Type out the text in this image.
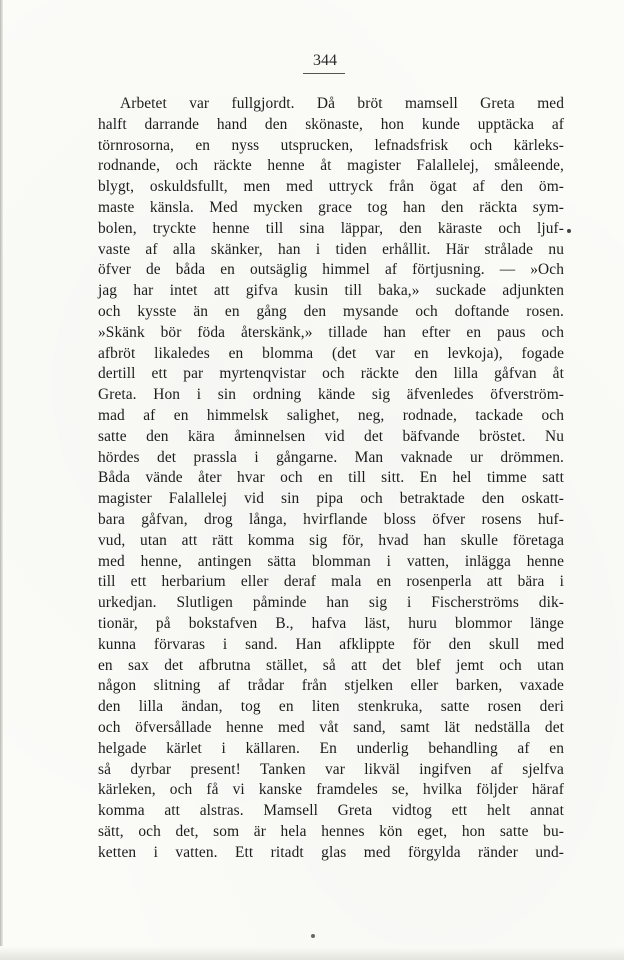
344
Arbetet var fullgjordt. Då bröt mamsell Greta med
halft darrande hand den skönaste, hon kunde upptäcka af
törnrosorna, en nyss utsprucken, lefnadsfrisk och kärleks-
rodnande, och räckte henne åt magister Falallelej, småleende,
blygt, oskuldsfullt, men med uttryck från ögat af den öm-
maste känsla. Med mycken grace tog han den räckta sym-
bolen, tryckte henne till sina läppar, den käraste och ljuf-
vaste af alla skänker, han i tiden erhållit. Här strålade nu
öfver de båda en outsäglig himmel af förtjusning. — »Och
jag har intet att gifva kusin till baka,» suckade adjunkten
och kysste än en gång den mysande och doftande rosen.
»Skänk bör föda återskänk,» tillade han efter en paus och
afbröt likaledes en blomma (det var en levkoja), fogade
dertill ett par myrtenqvistar och räckte den lilla gåfvan åt
Greta. Hon i sin ordning kände sig äfvenledes öfverström-
mad af en himmelsk salighet, neg, rodnade, tackade och
satte den kära åminnelsen vid det bäfvande bröstet. Nu
hördes det prassla i gångarne. Man vaknade ur drömmen.
Båda vände åter hvar och en till sitt. En hel timme satt
magister Falallelej vid sin pipa och betraktade den oskatt-
bara gåfvan, drog långa, hvirflande bloss öfver rosens huf-
vud, utan att rätt komma sig för, hvad han skulle företaga
med henne, antingen sätta blomman i vatten, inlägga henne
till ett herbarium eller deraf mala en rosenperla att bära i
urkedjan. Slutligen påminde han sig i Fischerströms dik-
tionär, på bokstafven B., hafva läst, huru blommor länge
kunna förvaras i sand. Han afklippte för den skull med
en sax det afbrutna stället, så att det blef jemt och utan
någon slitning af trådar från stjelken eller barken, vaxade
den lilla ändan, tog en liten stenkruka, satte rosen deri
och öfversållade henne med våt sand, samt lät nedställa det
helgade kärlet i källaren. En underlig behandling af en
så dyrbar present! Tanken var likväl ingifven af sjelfva
kärleken, och få vi kanske framdeles se, hvilka följder häraf
komma att alstras. Mamsell Greta vidtog ett helt annat
sätt, och det, som är hela hennes kön eget, hon satte bu-
ketten i vatten. Ett ritadt glas med förgylda ränder und-
